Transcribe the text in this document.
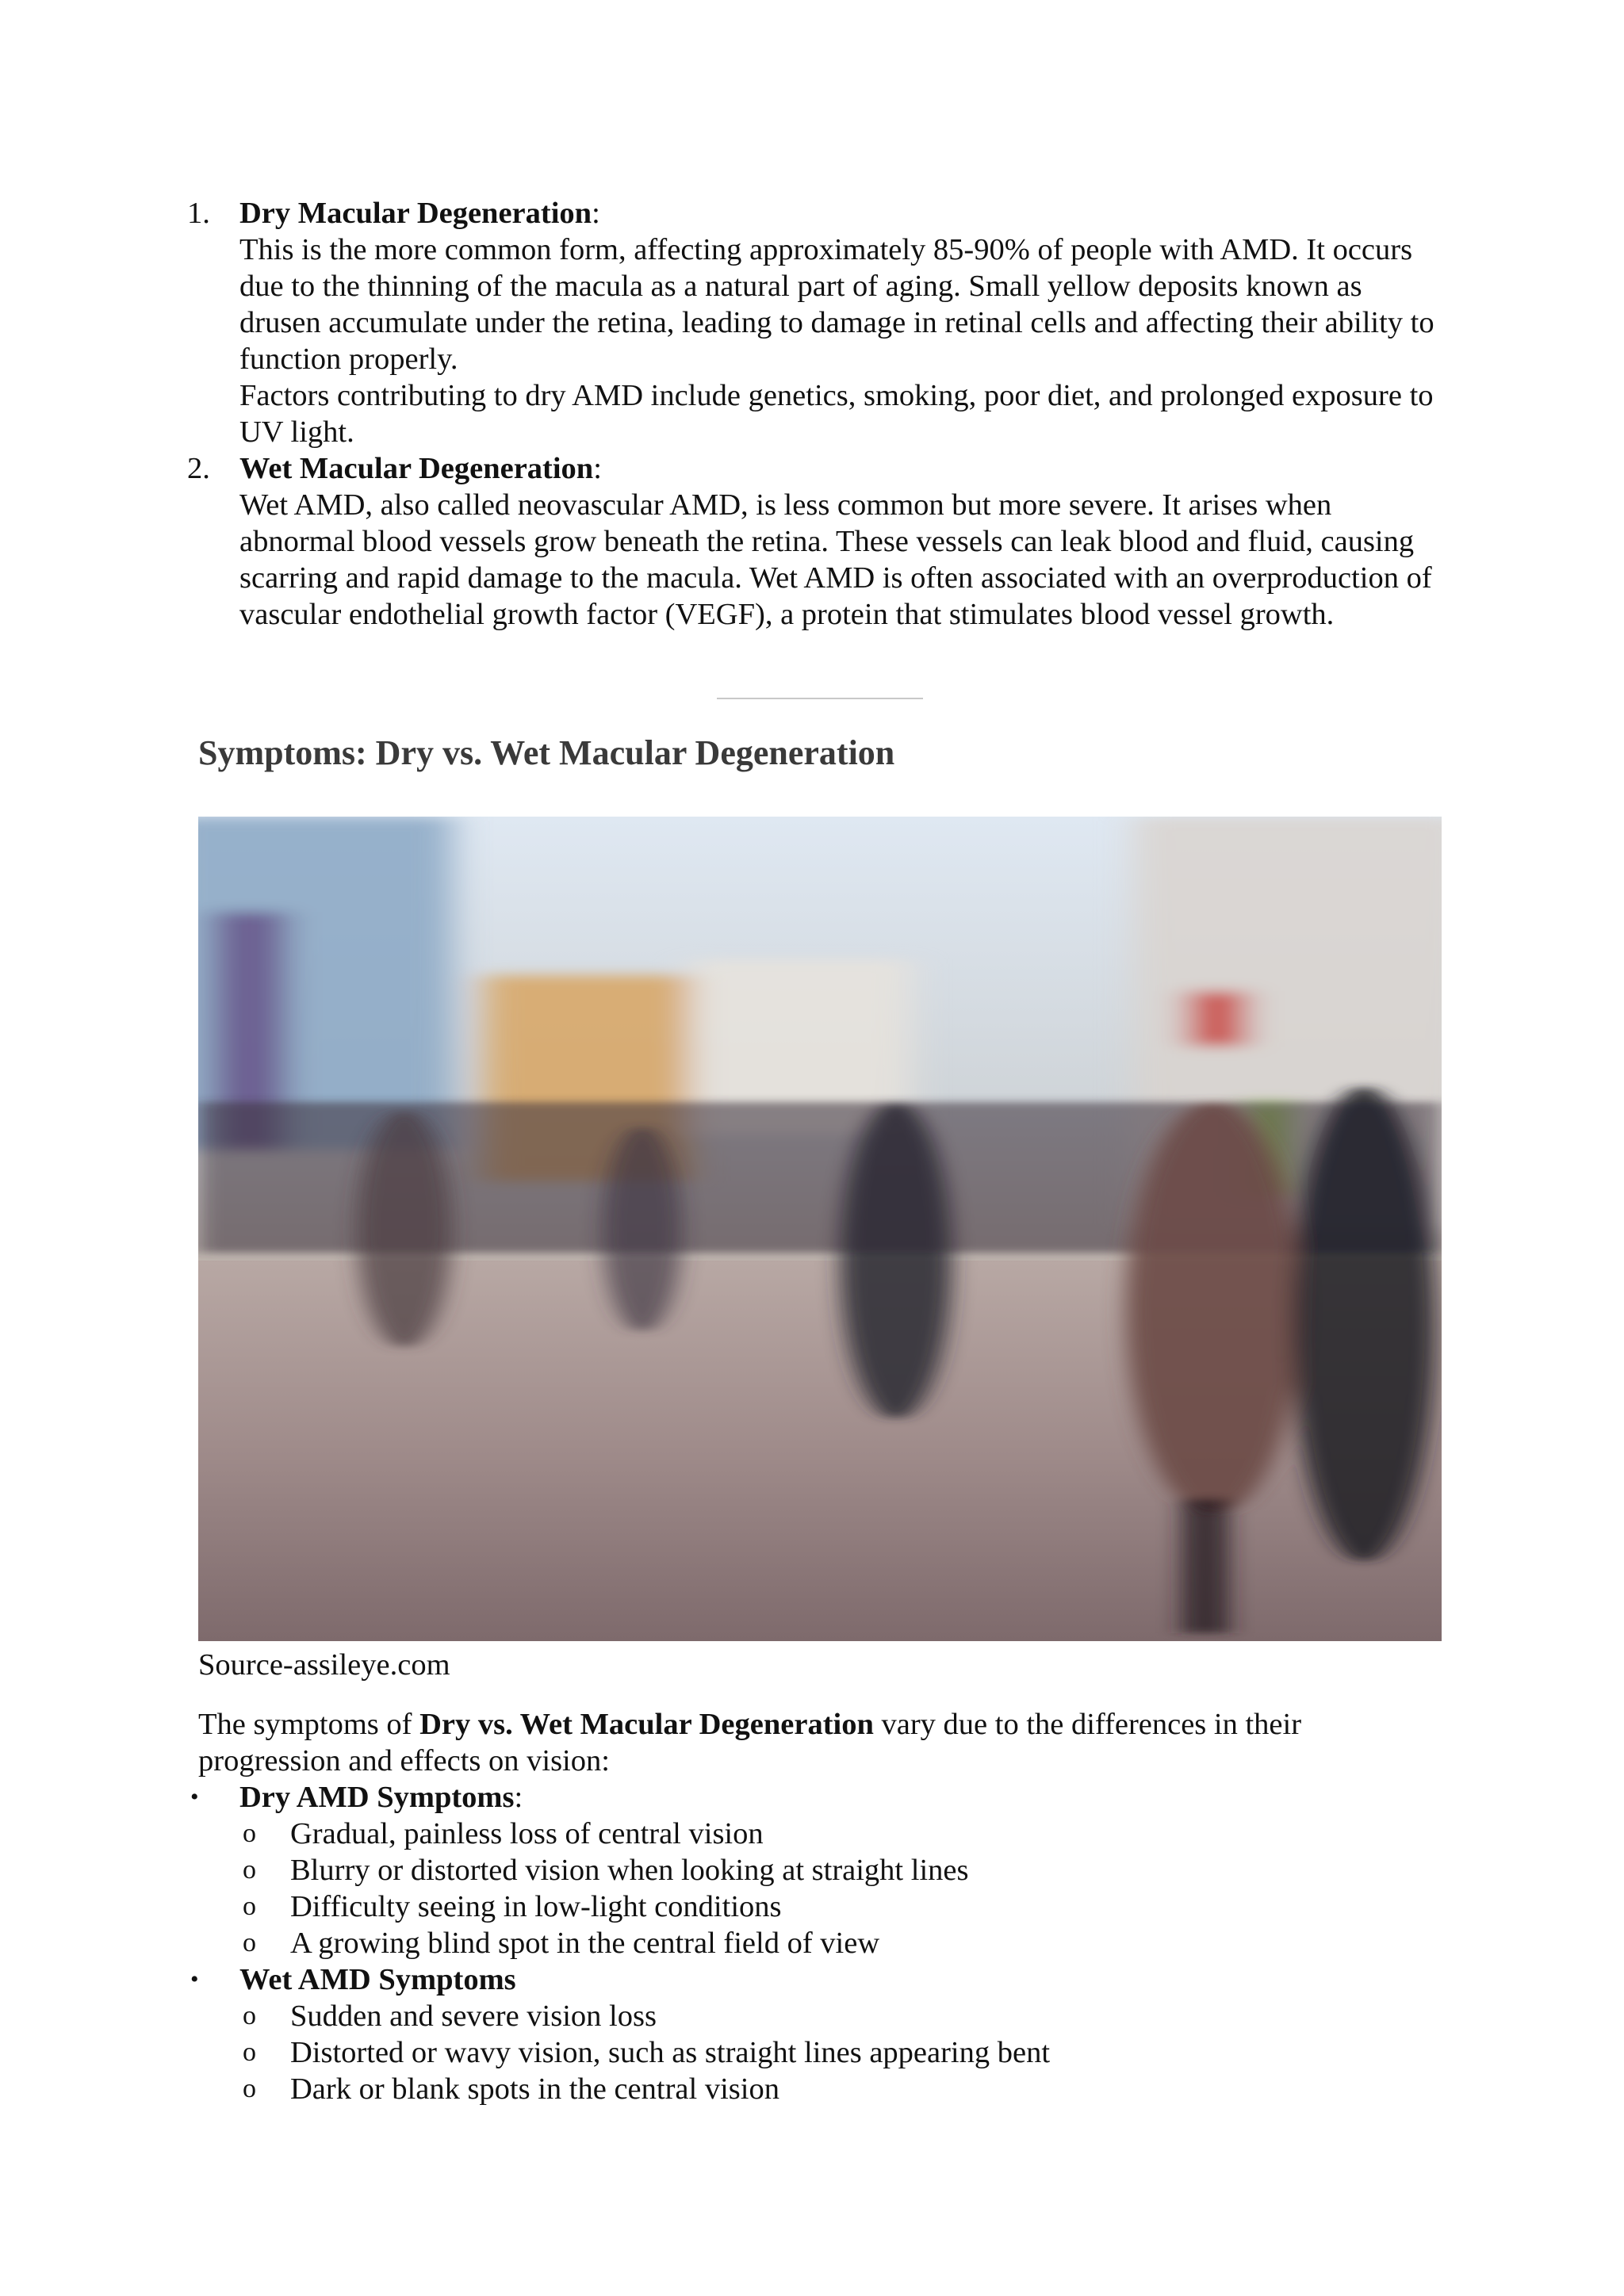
1. Dry Macular Degeneration:
This is the more common form, affecting approximately 85-90% of people with AMD. It occurs due to the thinning of the macula as a natural part of aging. Small yellow deposits known as drusen accumulate under the retina, leading to damage in retinal cells and affecting their ability to function properly.
Factors contributing to dry AMD include genetics, smoking, poor diet, and prolonged exposure to UV light.
2. Wet Macular Degeneration:
Wet AMD, also called neovascular AMD, is less common but more severe. It arises when abnormal blood vessels grow beneath the retina. These vessels can leak blood and fluid, causing scarring and rapid damage to the macula. Wet AMD is often associated with an overproduction of vascular endothelial growth factor (VEGF), a protein that stimulates blood vessel growth.
Symptoms: Dry vs. Wet Macular Degeneration
Source-assileye.com
The symptoms of Dry vs. Wet Macular Degeneration vary due to the differences in their progression and effects on vision:
• Dry AMD Symptoms:
o Gradual, painless loss of central vision
o Blurry or distorted vision when looking at straight lines
o Difficulty seeing in low-light conditions
o A growing blind spot in the central field of view
• Wet AMD Symptoms
o Sudden and severe vision loss
o Distorted or wavy vision, such as straight lines appearing bent
o Dark or blank spots in the central vision
